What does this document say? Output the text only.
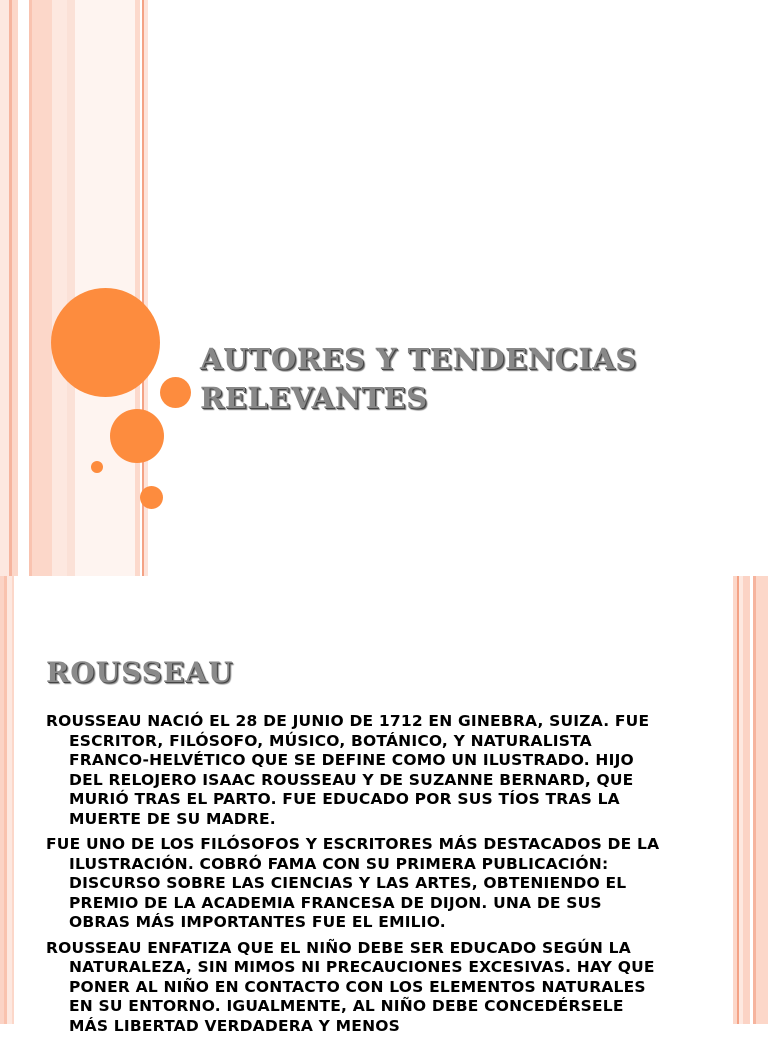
AUTORES Y TENDENCIAS RELEVANTES
ROUSSEAU

ROUSSEAU NACIÓ EL 28 DE JUNIO DE 1712 EN GINEBRA, SUIZA. FUE ESCRITOR, FILÓSOFO, MÚSICO, BOTÁNICO, Y NATURALISTA FRANCO-HELVÉTICO QUE SE DEFINE COMO UN ILUSTRADO. HIJO DEL RELOJERO ISAAC ROUSSEAU Y DE SUZANNE BERNARD, QUE MURIÓ TRAS EL PARTO. FUE EDUCADO POR SUS TÍOS TRAS LA MUERTE DE SU MADRE.

FUE UNO DE LOS FILÓSOFOS Y ESCRITORES MÁS DESTACADOS DE LA ILUSTRACIÓN. COBRÓ FAMA CON SU PRIMERA PUBLICACIÓN: DISCURSO SOBRE LAS CIENCIAS Y LAS ARTES, OBTENIENDO EL PREMIO DE LA ACADEMIA FRANCESA DE DIJON. UNA DE SUS OBRAS MÁS IMPORTANTES FUE EL EMILIO.

ROUSSEAU ENFATIZA QUE EL NIÑO DEBE SER EDUCADO SEGÚN LA NATURALEZA, SIN MIMOS NI PRECAUCIONES EXCESIVAS. HAY QUE PONER AL NIÑO EN CONTACTO CON LOS ELEMENTOS NATURALES EN SU ENTORNO. IGUALMENTE, AL NIÑO DEBE CONCEDÉRSELE MÁS LIBERTAD VERDADERA Y MENOS
